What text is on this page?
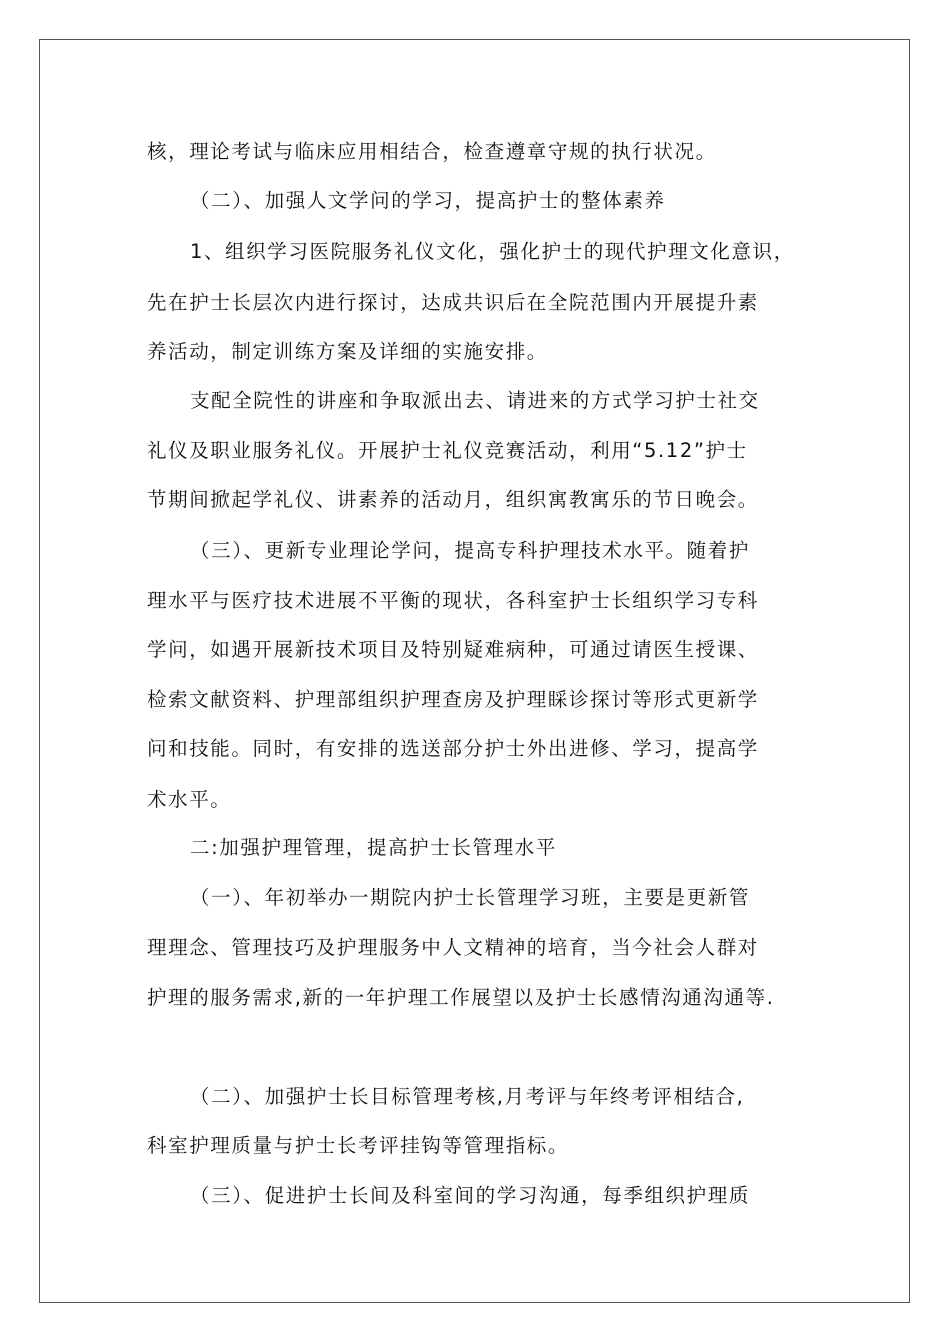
核，理论考试与临床应用相结合，检查遵章守规的执行状况。
（二）、加强人文学问的学习，提高护士的整体素养
1、组织学习医院服务礼仪文化，强化护士的现代护理文化意识，
先在护士长层次内进行探讨，达成共识后在全院范围内开展提升素
养活动，制定训练方案及详细的实施安排。
支配全院性的讲座和争取派出去、请进来的方式学习护士社交
礼仪及职业服务礼仪。开展护士礼仪竞赛活动，利用“5.12”护士
节期间掀起学礼仪、讲素养的活动月，组织寓教寓乐的节日晚会。
（三）、更新专业理论学问，提高专科护理技术水平。随着护
理水平与医疗技术进展不平衡的现状，各科室护士长组织学习专科
学问，如遇开展新技术项目及特别疑难病种，可通过请医生授课、
检索文献资料、护理部组织护理查房及护理睬诊探讨等形式更新学
问和技能。同时，有安排的选送部分护士外出进修、学习，提高学
术水平。
二:加强护理管理，提高护士长管理水平
（一）、年初举办一期院内护士长管理学习班，主要是更新管
理理念、管理技巧及护理服务中人文精神的培育，当今社会人群对
护理的服务需求,新的一年护理工作展望以及护士长感情沟通沟通等.
（二）、加强护士长目标管理考核,月考评与年终考评相结合,
科室护理质量与护士长考评挂钩等管理指标。
（三）、促进护士长间及科室间的学习沟通，每季组织护理质
